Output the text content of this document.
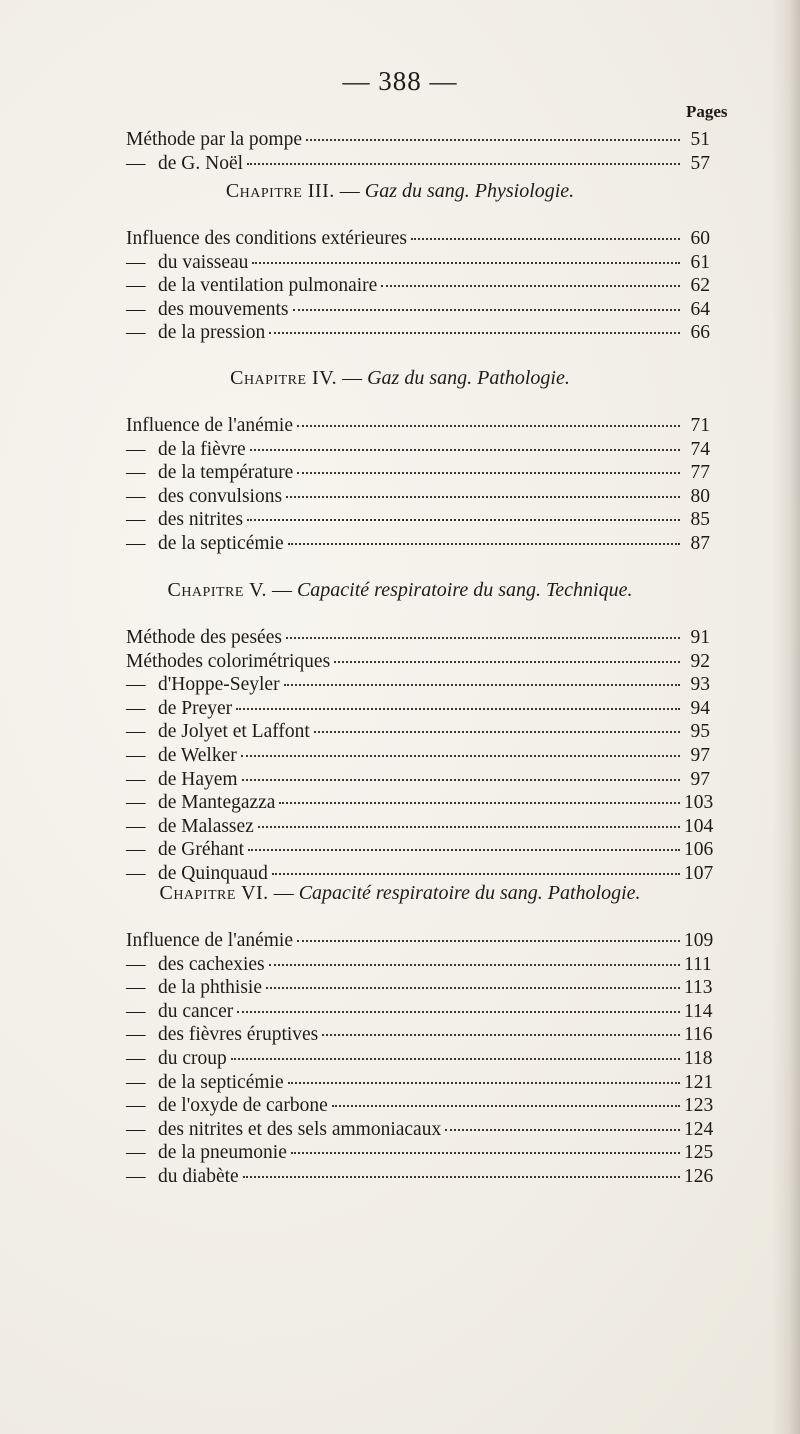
— 388 —
Pages
Méthode par la pompe	51
— de G. Noël	57
Chapitre III. — Gaz du sang. Physiologie.
Influence des conditions extérieures	60
— du vaisseau	61
— de la ventilation pulmonaire	62
— des mouvements	64
— de la pression	66
Chapitre IV. — Gaz du sang. Pathologie.
Influence de l'anémie	71
— de la fièvre	74
— de la température	77
— des convulsions	80
— des nitrites	85
— de la septicémie	87
Chapitre V. — Capacité respiratoire du sang. Technique.
Méthode des pesées	91
Méthodes colorimétriques	92
— d'Hoppe-Seyler	93
— de Preyer	94
— de Jolyet et Laffont	95
— de Welker	97
— de Hayem	97
— de Mantegazza	103
— de Malassez	104
— de Gréhant	106
— de Quinquaud	107
Chapitre VI. — Capacité respiratoire du sang. Pathologie.
Influence de l'anémie	109
— des cachexies	111
— de la phthisie	113
— du cancer	114
— des fièvres éruptives	116
— du croup	118
— de la septicémie	121
— de l'oxyde de carbone	123
— des nitrites et des sels ammoniacaux	124
— de la pneumonie	125
— du diabète	126
